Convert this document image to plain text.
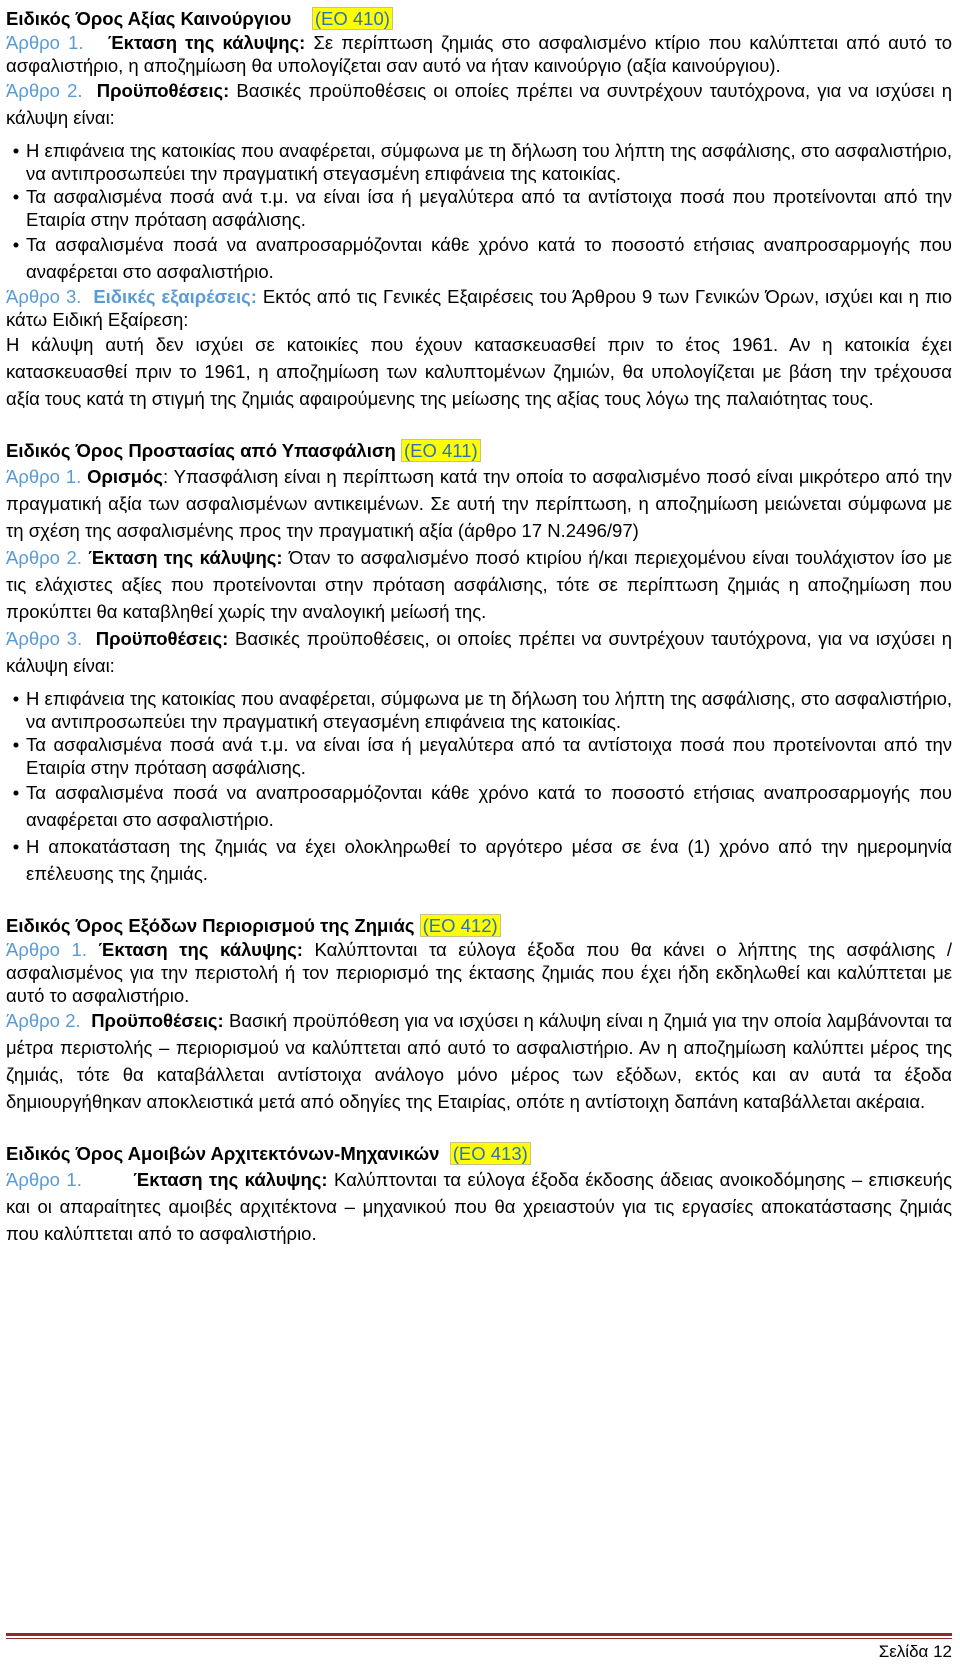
Ειδικός Όρος Αξίας Καινούργιου (ΕΟ 410)

Άρθρο 1. Έκταση της κάλυψης: Σε περίπτωση ζημιάς στο ασφαλισμένο κτίριο που καλύπτεται από αυτό το ασφαλιστήριο, η αποζημίωση θα υπολογίζεται σαν αυτό να ήταν καινούργιο (αξία καινούργιου).

Άρθρο 2. Προϋποθέσεις: Βασικές προϋποθέσεις οι οποίες πρέπει να συντρέχουν ταυτόχρονα, για να ισχύσει η κάλυψη είναι:

• Η επιφάνεια της κατοικίας που αναφέρεται, σύμφωνα με τη δήλωση του λήπτη της ασφάλισης, στο ασφαλιστήριο, να αντιπροσωπεύει την πραγματική στεγασμένη επιφάνεια της κατοικίας.
• Τα ασφαλισμένα ποσά ανά τ.μ. να είναι ίσα ή μεγαλύτερα από τα αντίστοιχα ποσά που προτείνονται από την Εταιρία στην πρόταση ασφάλισης.
• Τα ασφαλισμένα ποσά να αναπροσαρμόζονται κάθε χρόνο κατά το ποσοστό ετήσιας αναπροσαρμογής που αναφέρεται στο ασφαλιστήριο.

Άρθρο 3. Ειδικές εξαιρέσεις: Εκτός από τις Γενικές Εξαιρέσεις του Άρθρου 9 των Γενικών Όρων, ισχύει και η πιο κάτω Ειδική Εξαίρεση:

Η κάλυψη αυτή δεν ισχύει σε κατοικίες που έχουν κατασκευασθεί πριν το έτος 1961. Αν η κατοικία έχει κατασκευασθεί πριν το 1961, η αποζημίωση των καλυπτομένων ζημιών, θα υπολογίζεται με βάση την τρέχουσα αξία τους κατά τη στιγμή της ζημιάς αφαιρούμενης της μείωσης της αξίας τους λόγω της παλαιότητας τους.

Ειδικός Όρος Προστασίας από Υπασφάλιση (ΕΟ 411)

Άρθρο 1. Ορισμός: Υπασφάλιση είναι η περίπτωση κατά την οποία το ασφαλισμένο ποσό είναι μικρότερο από την πραγματική αξία των ασφαλισμένων αντικειμένων. Σε αυτή την περίπτωση, η αποζημίωση μειώνεται σύμφωνα με τη σχέση της ασφαλισμένης προς την πραγματική αξία (άρθρο 17 Ν.2496/97)

Άρθρο 2. Έκταση της κάλυψης: Όταν το ασφαλισμένο ποσό κτιρίου ή/και περιεχομένου είναι τουλάχιστον ίσο με τις ελάχιστες αξίες που προτείνονται στην πρόταση ασφάλισης, τότε σε περίπτωση ζημιάς η αποζημίωση που προκύπτει θα καταβληθεί χωρίς την αναλογική μείωσή της.

Άρθρο 3. Προϋποθέσεις: Βασικές προϋποθέσεις, οι οποίες πρέπει να συντρέχουν ταυτόχρονα, για να ισχύσει η κάλυψη είναι:

• Η επιφάνεια της κατοικίας που αναφέρεται, σύμφωνα με τη δήλωση του λήπτη της ασφάλισης, στο ασφαλιστήριο, να αντιπροσωπεύει την πραγματική στεγασμένη επιφάνεια της κατοικίας.
• Τα ασφαλισμένα ποσά ανά τ.μ. να είναι ίσα ή μεγαλύτερα από τα αντίστοιχα ποσά που προτείνονται από την Εταιρία στην πρόταση ασφάλισης.
• Τα ασφαλισμένα ποσά να αναπροσαρμόζονται κάθε χρόνο κατά το ποσοστό ετήσιας αναπροσαρμογής που αναφέρεται στο ασφαλιστήριο.
• Η αποκατάσταση της ζημιάς να έχει ολοκληρωθεί το αργότερο μέσα σε ένα (1) χρόνο από την ημερομηνία επέλευσης της ζημιάς.

Ειδικός Όρος Εξόδων Περιορισμού της Ζημιάς (ΕΟ 412)

Άρθρο 1. Έκταση της κάλυψης: Καλύπτονται τα εύλογα έξοδα που θα κάνει ο λήπτης της ασφάλισης / ασφαλισμένος για την περιστολή ή τον περιορισμό της έκτασης ζημιάς που έχει ήδη εκδηλωθεί και καλύπτεται με αυτό το ασφαλιστήριο.

Άρθρο 2. Προϋποθέσεις: Βασική προϋπόθεση για να ισχύσει η κάλυψη είναι η ζημιά για την οποία λαμβάνονται τα μέτρα περιστολής – περιορισμού να καλύπτεται από αυτό το ασφαλιστήριο. Αν η αποζημίωση καλύπτει μέρος της ζημιάς, τότε θα καταβάλλεται αντίστοιχα ανάλογο μόνο μέρος των εξόδων, εκτός και αν αυτά τα έξοδα δημιουργήθηκαν αποκλειστικά μετά από οδηγίες της Εταιρίας, οπότε η αντίστοιχη δαπάνη καταβάλλεται ακέραια.

Ειδικός Όρος Αμοιβών Αρχιτεκτόνων-Μηχανικών (ΕΟ 413)

Άρθρο 1.	Έκταση της κάλυψης: Καλύπτονται τα εύλογα έξοδα έκδοσης άδειας ανοικοδόμησης – επισκευής και οι απαραίτητες αμοιβές αρχιτέκτονα – μηχανικού που θα χρειαστούν για τις εργασίες αποκατάστασης ζημιάς που καλύπτεται από το ασφαλιστήριο.

Σελίδα 12
